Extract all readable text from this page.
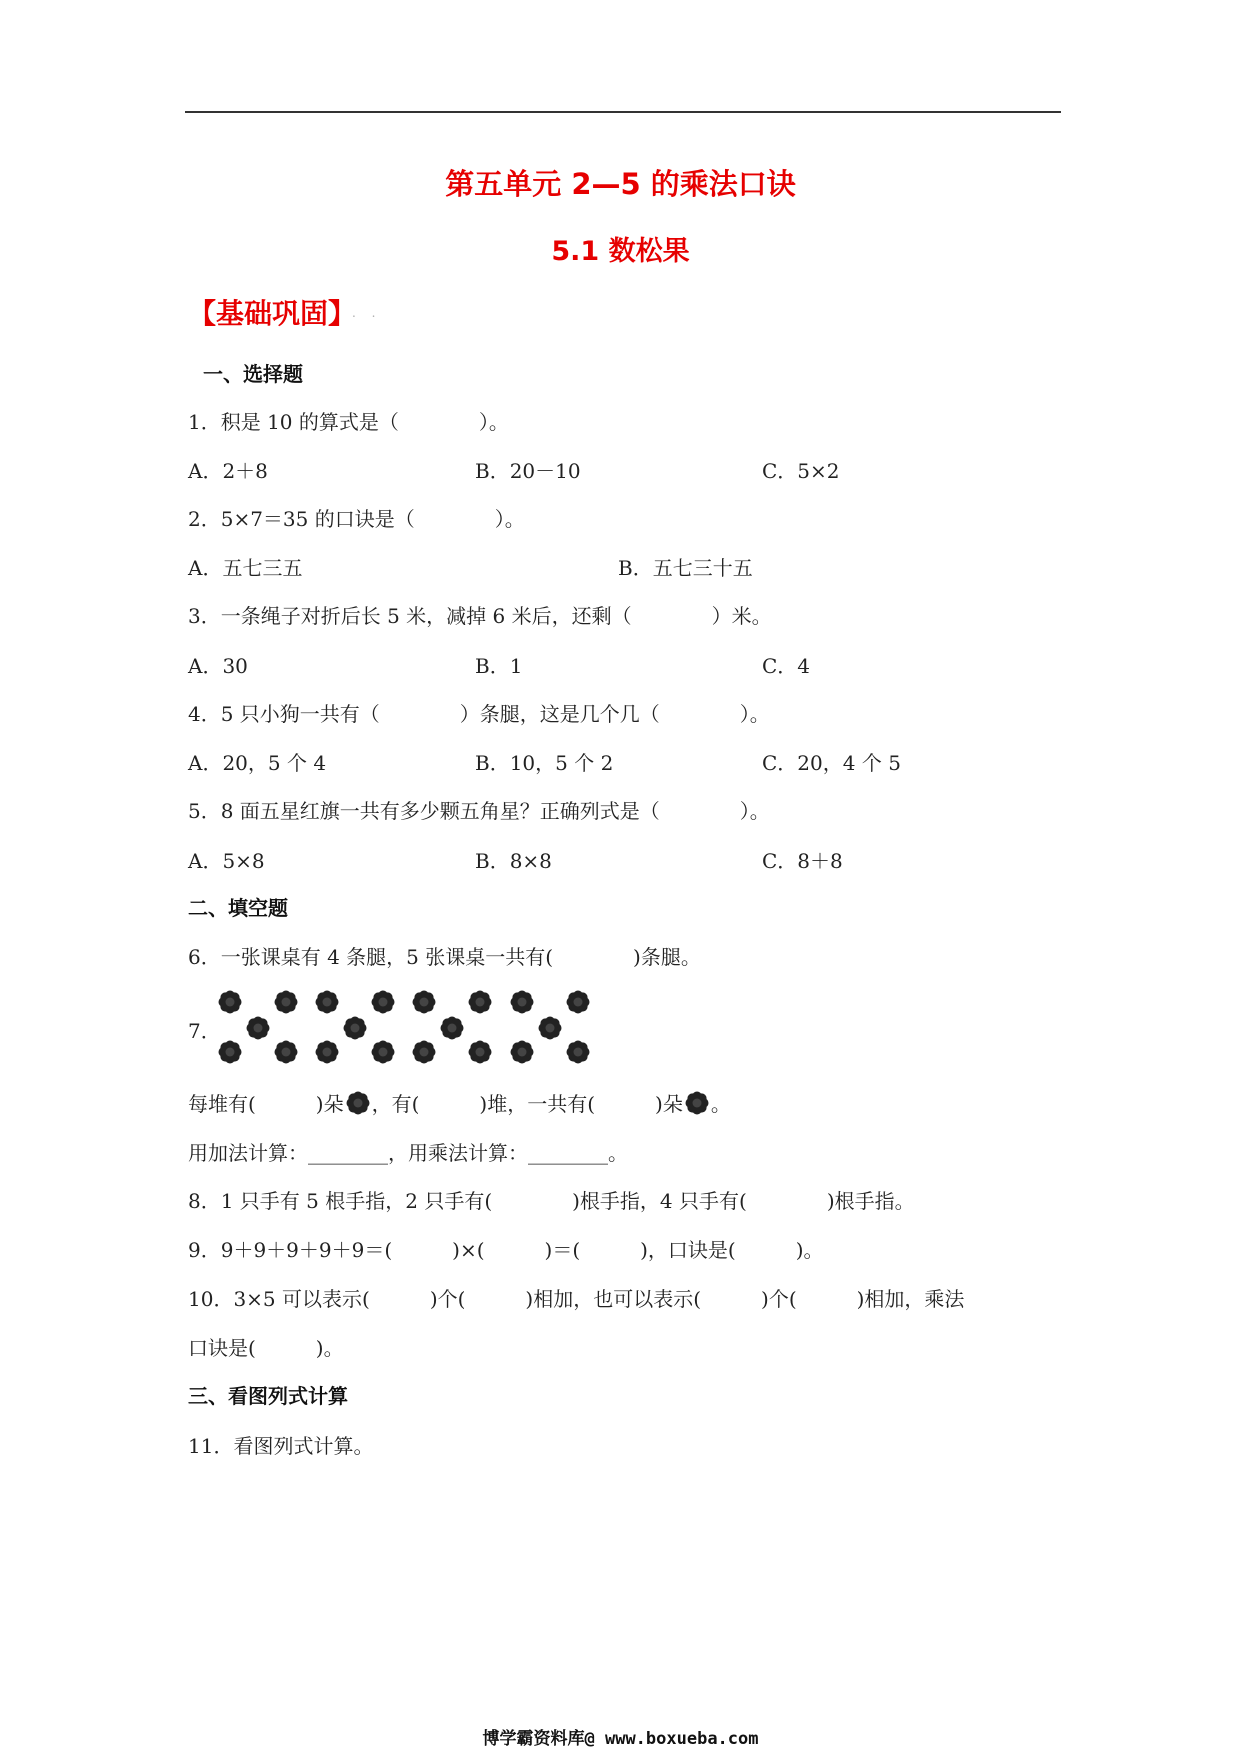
第五单元 2—5 的乘法口诀
5.1 数松果
【基础巩固】
. .
一、选择题
1．积是 10 的算式是（　　　　）。
A．2＋8	B．20－10	C．5×2
2．5×7＝35 的口诀是（　　　　）。
A．五七三五	B．五七三十五
3．一条绳子对折后长 5 米，减掉 6 米后，还剩（　　　　）米。
A．30	B．1	C．4
4．5 只小狗一共有（　　　　）条腿，这是几个几（　　　　）。
A．20，5 个 4	B．10，5 个 2	C．20，4 个 5
5．8 面五星红旗一共有多少颗五角星？正确列式是（　　　　）。
A．5×8	B．8×8	C．8＋8
二、填空题
6．一张课桌有 4 条腿，5 张课桌一共有(　　　　)条腿。
7．
每堆有(　　　)朵 ，有(　　　)堆，一共有(　　　)朵 。
用加法计算：________，用乘法计算：________。
8．1 只手有 5 根手指，2 只手有(　　　　)根手指，4 只手有(　　　　)根手指。
9．9＋9＋9＋9＋9＝(　　　)×(　　　)＝(　　　)，口诀是(　　　)。
10．3×5 可以表示(　　　)个(　　　)相加，也可以表示(　　　)个(　　　)相加，乘法
口诀是(　　　)。
三、看图列式计算
11．看图列式计算。
博学霸资料库@ www.boxueba.com
